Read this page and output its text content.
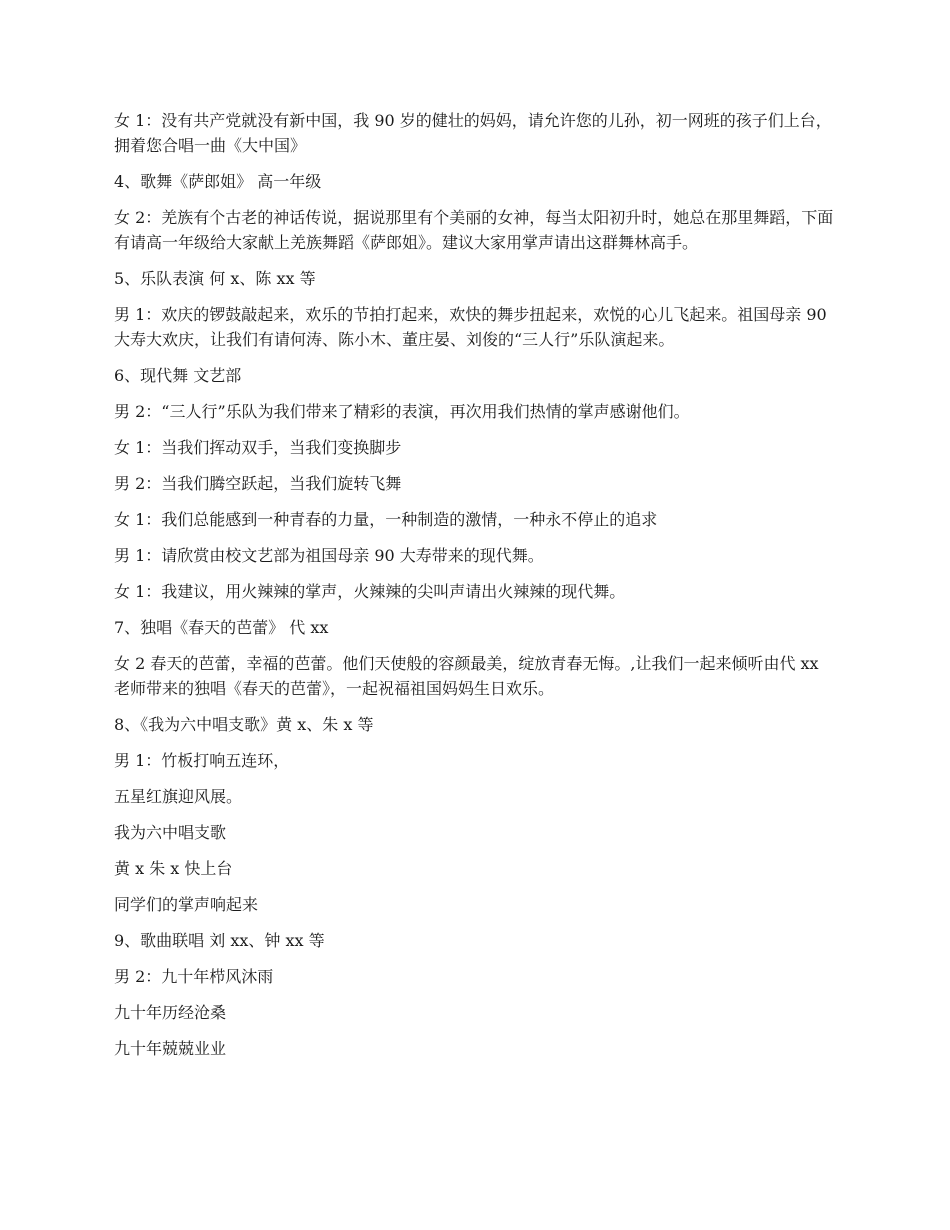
女 1：没有共产党就没有新中国，我 90 岁的健壮的妈妈，请允许您的儿孙，初一网班的孩子们上台，拥着您合唱一曲《大中国》

4、歌舞《萨郎姐》 高一年级

女 2：羌族有个古老的神话传说，据说那里有个美丽的女神，每当太阳初升时，她总在那里舞蹈，下面有请高一年级给大家献上羌族舞蹈《萨郎姐》。建议大家用掌声请出这群舞林高手。

5、乐队表演 何 x、陈 xx 等

男 1：欢庆的锣鼓敲起来，欢乐的节拍打起来，欢快的舞步扭起来，欢悦的心儿飞起来。祖国母亲 90 大寿大欢庆，让我们有请何涛、陈小木、董庄晏、刘俊的“三人行”乐队演起来。

6、现代舞 文艺部

男 2：“三人行”乐队为我们带来了精彩的表演，再次用我们热情的掌声感谢他们。

女 1：当我们挥动双手，当我们变换脚步

男 2：当我们腾空跃起，当我们旋转飞舞

女 1：我们总能感到一种青春的力量，一种制造的激情，一种永不停止的追求

男 1：请欣赏由校文艺部为祖国母亲 90 大寿带来的现代舞。

女 1：我建议，用火辣辣的掌声，火辣辣的尖叫声请出火辣辣的现代舞。

7、独唱《春天的芭蕾》 代 xx

女 2 春天的芭蕾，幸福的芭蕾。他们天使般的容颜最美，绽放青春无悔。,让我们一起来倾听由代 xx 老师带来的独唱《春天的芭蕾》，一起祝福祖国妈妈生日欢乐。

8、《我为六中唱支歌》黄 x、朱 x 等

男 1：竹板打响五连环，

五星红旗迎风展。

我为六中唱支歌

黄 x 朱 x 快上台

同学们的掌声响起来

9、歌曲联唱 刘 xx、钟 xx 等

男 2：九十年栉风沐雨

九十年历经沧桑

九十年兢兢业业
